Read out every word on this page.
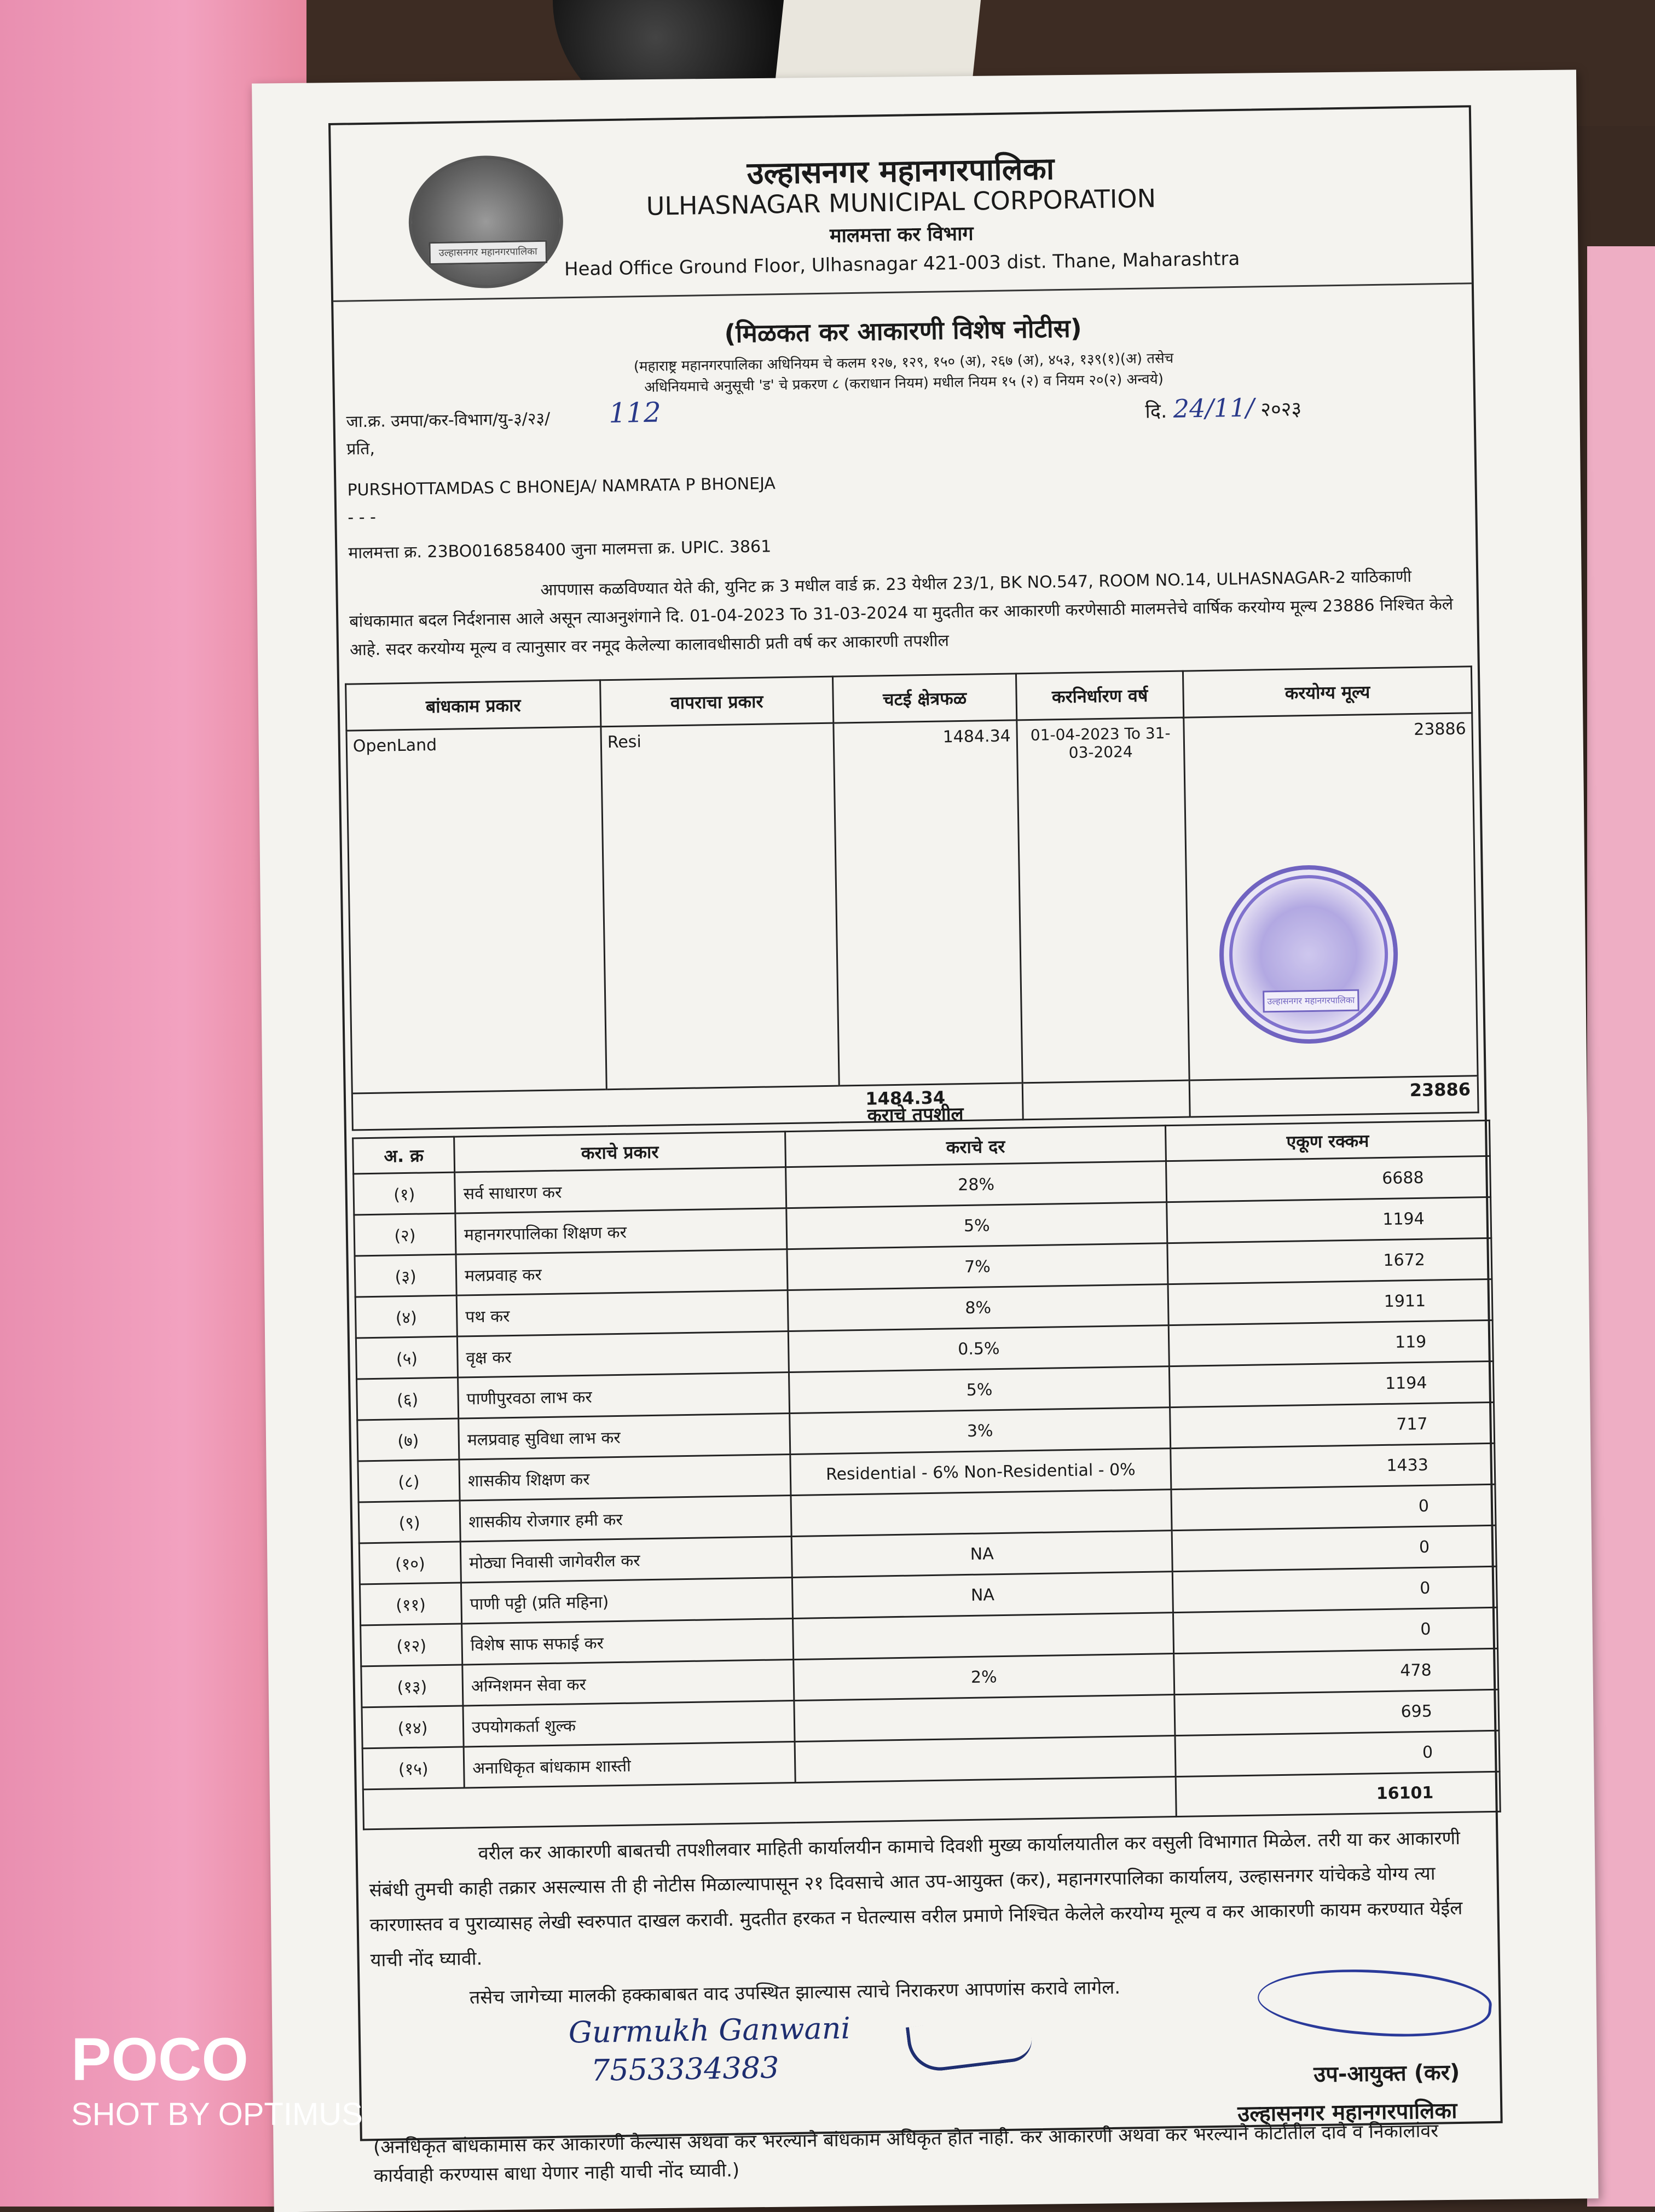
उल्हासनगर महानगरपालिका
उल्हासनगर महानगरपालिका
ULHASNAGAR MUNICIPAL CORPORATION
मालमत्ता कर विभाग
Head Office Ground Floor, Ulhasnagar 421-003 dist. Thane, Maharashtra
(मिळकत कर आकारणी विशेष नोटीस)
(महाराष्ट्र महानगरपालिका अधिनियम चे कलम १२७, १२९, १५० (अ), २६७ (अ), ४५३, १३९(१)(अ) तसेच
अधिनियमाचे अनुसूची 'ड' चे प्रकरण ८ (कराधान नियम) मधील नियम १५ (२) व नियम २०(२) अन्वये)
जा.क्र. उमपा/कर-विभाग/यु-३/२३/ 112	दि. 24/11/ २०२३
प्रति,
PURSHOTTAMDAS C BHONEJA/ NAMRATA P BHONEJA
- - -
मालमत्ता क्र. 23BO016858400 जुना मालमत्ता क्र. UPIC. 3861
आपणास कळविण्यात येते की, युनिट क्र 3 मधील वार्ड क्र. 23 येथील 23/1, BK NO.547, ROOM NO.14, ULHASNAGAR-2 याठिकाणी बांधकामात बदल निर्दशनास आले असून त्याअनुशंगाने दि. 01-04-2023 To 31-03-2024 या मुदतीत कर आकारणी करणेसाठी मालमत्तेचे वार्षिक करयोग्य मूल्य 23886 निश्चित केले आहे. सदर करयोग्य मूल्य व त्यानुसार वर नमूद केलेल्या कालावधीसाठी प्रती वर्ष कर आकारणी तपशील
बांधकाम प्रकार	वापराचा प्रकार	चटई क्षेत्रफळ	करनिर्धारण वर्ष	करयोग्य मूल्य
OpenLand	Resi	1484.34	01-04-2023 To 31-03-2024	23886
1484.34				23886
उल्हासनगर महानगरपालिका
कराचे तपशील
अ. क्र	कराचे प्रकार	कराचे दर	एकूण रक्कम
(१)	सर्व साधारण कर	28%	6688
(२)	महानगरपालिका शिक्षण कर	5%	1194
(३)	मलप्रवाह कर	7%	1672
(४)	पथ कर	8%	1911
(५)	वृक्ष कर	0.5%	119
(६)	पाणीपुरवठा लाभ कर	5%	1194
(७)	मलप्रवाह सुविधा लाभ कर	3%	717
(८)	शासकीय शिक्षण कर	Residential - 6% Non-Residential - 0%	1433
(९)	शासकीय रोजगार हमी कर		0
(१०)	मोठ्या निवासी जागेवरील कर	NA	0
(११)	पाणी पट्टी (प्रति महिना)	NA	0
(१२)	विशेष साफ सफाई कर		0
(१३)	अग्निशमन सेवा कर	2%	478
(१४)	उपयोगकर्ता शुल्क		695
(१५)	अनाधिकृत बांधकाम शास्ती		0
			16101
वरील कर आकारणी बाबतची तपशीलवार माहिती कार्यालयीन कामाचे दिवशी मुख्य कार्यालयातील कर वसुली विभागात मिळेल. तरी या कर आकारणी संबंधी तुमची काही तक्रार असल्यास ती ही नोटीस मिळाल्यापासून २१ दिवसाचे आत उप-आयुक्त (कर), महानगरपालिका कार्यालय, उल्हासनगर यांचेकडे योग्य त्या कारणास्तव व पुराव्यासह लेखी स्वरुपात दाखल करावी. मुदतीत हरकत न घेतल्यास वरील प्रमाणे निश्चित केलेले करयोग्य मूल्य व कर आकारणी कायम करण्यात येईल याची नोंद घ्यावी.
तसेच जागेच्या मालकी हक्काबाबत वाद उपस्थित झाल्यास त्याचे निराकरण आपणांस करावे लागेल.
Gurmukh Ganwani
7553334383	उप-आयुक्त (कर)
उल्हासनगर महानगरपालिका
(अनधिकृत बांधकामास कर आकारणी केल्यास अथवा कर भरल्याने बांधकाम अधिकृत होत नाही. कर आकारणी अथवा कर भरल्याने कोर्टातील दावे व निकालांवर कार्यवाही करण्यास बाधा येणार नाही याची नोंद घ्यावी.)
POCO
SHOT BY OPTIMUS
